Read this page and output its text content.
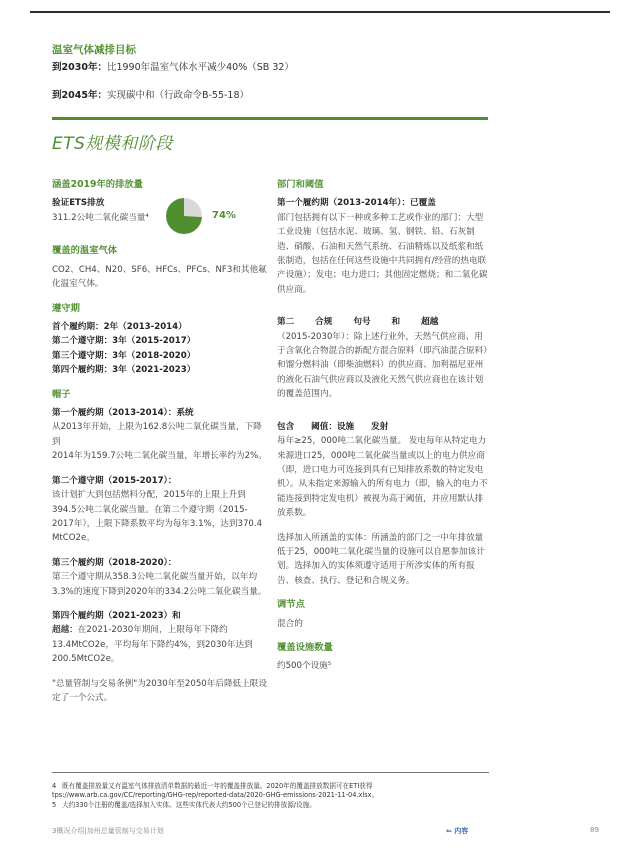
温室气体减排目标
到2030年：比1990年温室气体水平减少40%（SB 32）
到2045年：实现碳中和（行政命令B-55-18）
ETS规模和阶段
涵盖2019年的排放量
验证ETS排放
311.2公吨二氧化碳当量⁴	74%
覆盖的温室气体
CO2、CH4、N20、SF6、HFCs、PFCs、NF3和其他氟化温室气体。
遵守期
首个履约期：2年（2013-2014）
第二个遵守期：3年（2015-2017）
第三个遵守期：3年（2018-2020）
第四个履约期：3年（2021-2023）
帽子
第一个履约期（2013-2014）：系统
从2013年开始，上限为162.8公吨二氧化碳当量，下降到
2014年为159.7公吨二氧化碳当量，年增长率约为2%。
第二个遵守期（2015-2017）：
该计划扩大到包括燃料分配，2015年的上限上升到394.5公吨二氧化碳当量。在第二个遵守期（2015-2017年），上限下降系数平均为每年3.1%，达到370.4 MtCO2e。
第三个履约期（2018-2020）：
第三个遵守期从358.3公吨二氧化碳当量开始，以年均3.3%的速度下降到2020年的334.2公吨二氧化碳当量。
第四个履约期（2021-2023）和
超越：在2021-2030年期间，上限每年下降约13.4MtCO2e，平均每年下降约4%，到2030年达到200.5MtCO2e。
"总量管制与交易条例"为2030年至2050年后降低上限设定了一个公式。
部门和阈值
第一个履约期（2013-2014年）：已覆盖
部门包括拥有以下一种或多种工艺或作业的部门：大型工业设施（包括水泥、玻璃、氢、钢铁、铅、石灰制造、硝酸、石油和天然气系统、石油精炼以及纸浆和纸张制造，包括在任何这些设施中共同拥有/经营的热电联产设施）；发电；电力进口；其他固定燃烧；和二氧化碳供应商。
第二 合规 句号 和 超越
（2015-2030年）：除上述行业外，天然气供应商、用于含氧化合物混合的新配方混合原料（即汽油混合原料）和馏分燃料油（即柴油燃料）的供应商、加利福尼亚州的液化石油气供应商以及液化天然气供应商也在该计划的覆盖范围内。
包含 阈值：设施 发射
每年≥25，000吨二氧化碳当量。 发电每年从特定电力来源进口25，000吨二氧化碳当量或以上的电力供应商（即，进口电力可连接到具有已知排放系数的特定发电机）。从未指定来源输入的所有电力（即，输入的电力不能连接到特定发电机）被视为高于阈值，并应用默认排放系数。
选择加入所涵盖的实体：所涵盖的部门之一中年排放量低于25，000吨二氧化碳当量的设施可以自愿参加该计划。选择加入的实体须遵守适用于所涉实体的所有报告、核查、执行、登记和合规义务。
调节点
混合的
覆盖设施数量
约500个设施⁵
4 既有覆盖排放量又有温室气体排放清单数据的最近一年的覆盖排放量。2020年的覆盖排放数据可在ETI获得tps://www.arb.ca.gov/CC/reporting/GHG-rep/reported-data/2020-GHG-emissions-2021-11-04.xlsx。
5 大约330个注册的覆盖/选择加入实体。这些实体代表大约500个已登记的排放源/设施。
3概况介绍|加州总量管制与交易计划	⇐ 内容	89
